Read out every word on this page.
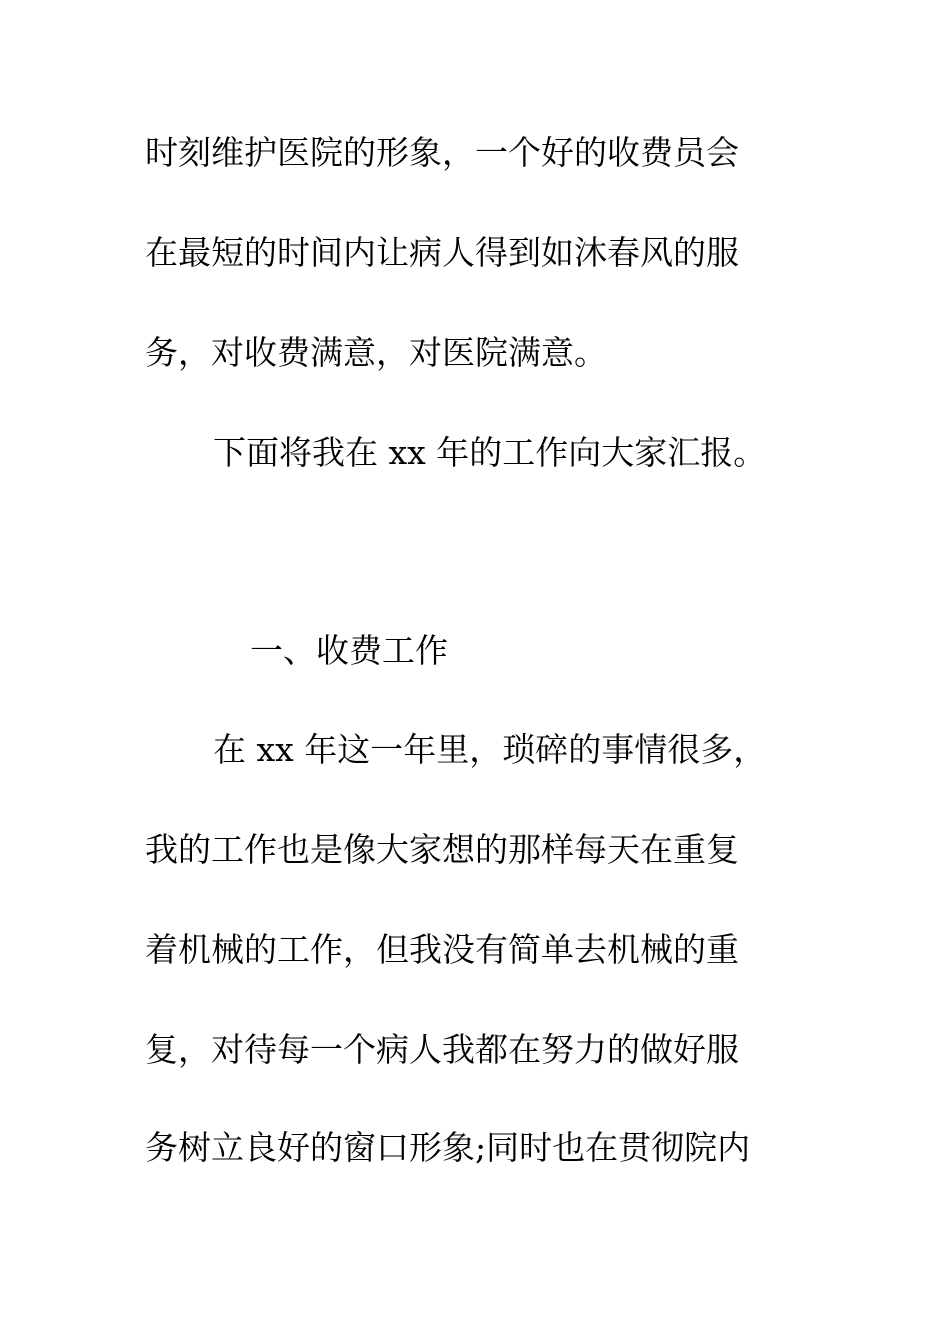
时刻维护医院的形象，一个好的收费员会
在最短的时间内让病人得到如沐春风的服
务，对收费满意，对医院满意。
下面将我在 xx 年的工作向大家汇报。
一、收费工作
在 xx 年这一年里，琐碎的事情很多，
我的工作也是像大家想的那样每天在重复
着机械的工作，但我没有简单去机械的重
复，对待每一个病人我都在努力的做好服
务树立良好的窗口形象;同时也在贯彻院内
